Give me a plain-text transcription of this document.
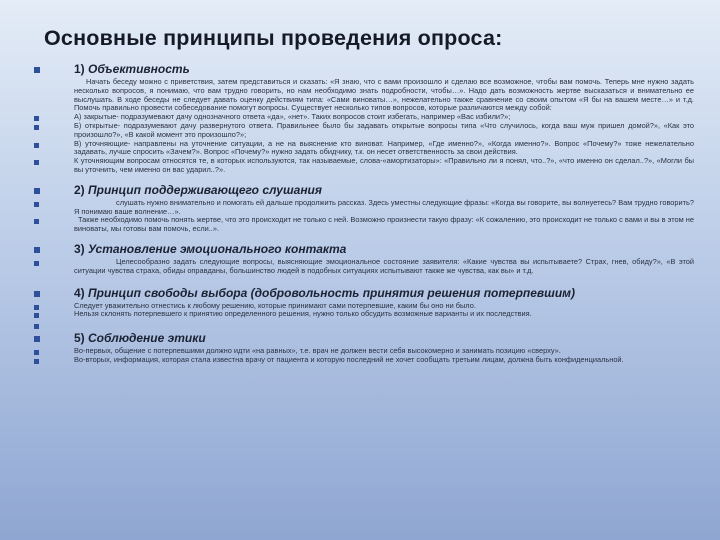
Основные принципы проведения опроса:
1) Объективность
Начать беседу можно с приветствия, затем представиться и сказать: «Я знаю, что с вами произошло и сделаю все возможное, чтобы вам помочь. Теперь мне нужно задать несколько вопросов, я понимаю, что вам трудно говорить, но нам необходимо знать подробности, чтобы…». Надо дать возможность жертве высказаться и внимательно ее выслушать. В ходе беседы не следует давать оценку действиям типа: «Сами виноваты…», нежелательно также сравнение со своим опытом «Я бы на вашем месте…» и т.д. Помочь правильно провести собеседование помогут вопросы. Существует несколько типов вопросов, которые различаются между собой:
А) закрытые- подразумевают дачу однозначного ответа «да», «нет». Таких вопросов стоит избегать, например «Вас избили?»;
Б) открытые- подразумевают дачу развернутого ответа. Правильнее было бы задавать открытые вопросы типа «Что случилось, когда ваш муж пришел домой?», «Как это произошло?», «В какой момент это произошло?»;
В) уточняющие- направлены на уточнение ситуации, а не на выяснение кто виноват. Например, «Где именно?», «Когда именно?». Вопрос «Почему?» тоже нежелательно задавать, лучше спросить «Зачем?». Вопрос «Почему?» нужно задать обидчику, т.к. он несет ответственность за свои действия.
К уточняющим вопросам относятся те, в которых используются, так называемые, слова-«амортизаторы»: «Правильно ли я понял, что..?», «что именно он сделал..?», «Могли бы вы уточнить, чем именно он вас ударил..?».
2) Принцип поддерживающего слушания
слушать нужно внимательно и помогать ей дальше продолжить рассказ. Здесь уместны следующие фразы: «Когда вы говорите, вы волнуетесь? Вам трудно говорить? Я понимаю ваше волнение…».
Также необходимо помочь понять жертве, что это происходит не только с ней. Возможно произнести такую фразу: «К сожалению, это происходит не только с вами и вы в этом не виноваты, мы готовы вам помочь, если..».
3) Установление эмоционального контакта
Целесообразно задать следующие вопросы, выясняющие эмоциональное состояние заявителя: «Какие чувства вы испытываете? Страх, гнев, обиду?», «В этой ситуации чувства страха, обиды оправданы, большинство людей в подобных ситуациях испытывают также же чувства, как вы» и т.д.
4) Принцип свободы выбора (добровольность принятия решения потерпевшим)
Следует уважительно отнестись к любому решению, которые принимают сами потерпевшие, каким бы оно ни было.
Нельзя склонять потерпевшего к принятию определенного решения, нужно только обсудить возможные варианты и их последствия.
5) Соблюдение этики
Во-первых, общение с потерпевшими должно идти «на равных», т.е. врач не должен вести себя высокомерно и занимать позицию «сверху».
Во-вторых, информация, которая стала известна врачу от пациента и которую последний не хочет сообщать третьим лицам, должна быть конфиденциальной.
